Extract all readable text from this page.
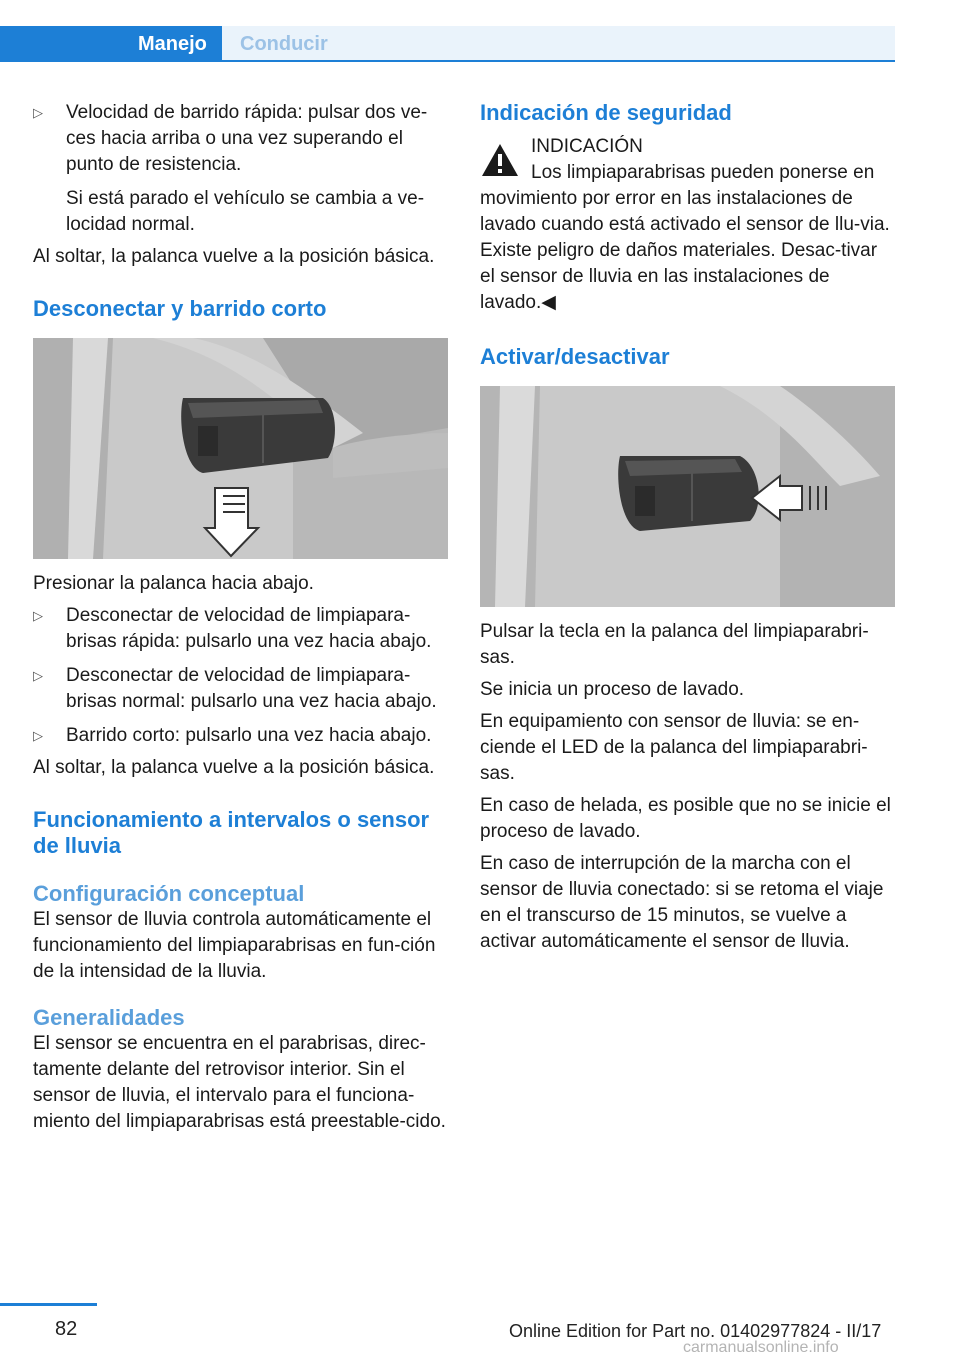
Manejo	Conducir

▷ Velocidad de barrido rápida: pulsar dos ve‐ces hacia arriba o una vez superando el punto de resistencia.

Si está parado el vehículo se cambia a ve‐locidad normal.

Al soltar, la palanca vuelve a la posición básica.

Desconectar y barrido corto

Presionar la palanca hacia abajo.

▷ Desconectar de velocidad de limpiapara‐brisas rápida: pulsarlo una vez hacia abajo.

▷ Desconectar de velocidad de limpiapara‐brisas normal: pulsarlo una vez hacia abajo.

▷ Barrido corto: pulsarlo una vez hacia abajo.

Al soltar, la palanca vuelve a la posición básica.

Funcionamiento a intervalos o sensor de lluvia
Configuración conceptual

El sensor de lluvia controla automáticamente el funcionamiento del limpiaparabrisas en fun‐ción de la intensidad de la lluvia.

Generalidades

El sensor se encuentra en el parabrisas, direc‐tamente delante del retrovisor interior. Sin el sensor de lluvia, el intervalo para el funciona‐miento del limpiaparabrisas está preestable‐cido.

Indicación de seguridad

INDICACIÓN

Los limpiaparabrisas pueden ponerse en movimiento por error en las instalaciones de lavado cuando está activado el sensor de llu‐via. Existe peligro de daños materiales. Desac‐tivar el sensor de lluvia en las instalaciones de lavado.◀

Activar/desactivar

Pulsar la tecla en la palanca del limpiaparabri‐sas.

Se inicia un proceso de lavado.

En equipamiento con sensor de lluvia: se en‐ciende el LED de la palanca del limpiaparabri‐sas.

En caso de helada, es posible que no se inicie el proceso de lavado.

En caso de interrupción de la marcha con el sensor de lluvia conectado: si se retoma el viaje en el transcurso de 15 minutos, se vuelve a activar automáticamente el sensor de lluvia.

82	Online Edition for Part no. 01402977824 - II/17
carmanualsonline.info
